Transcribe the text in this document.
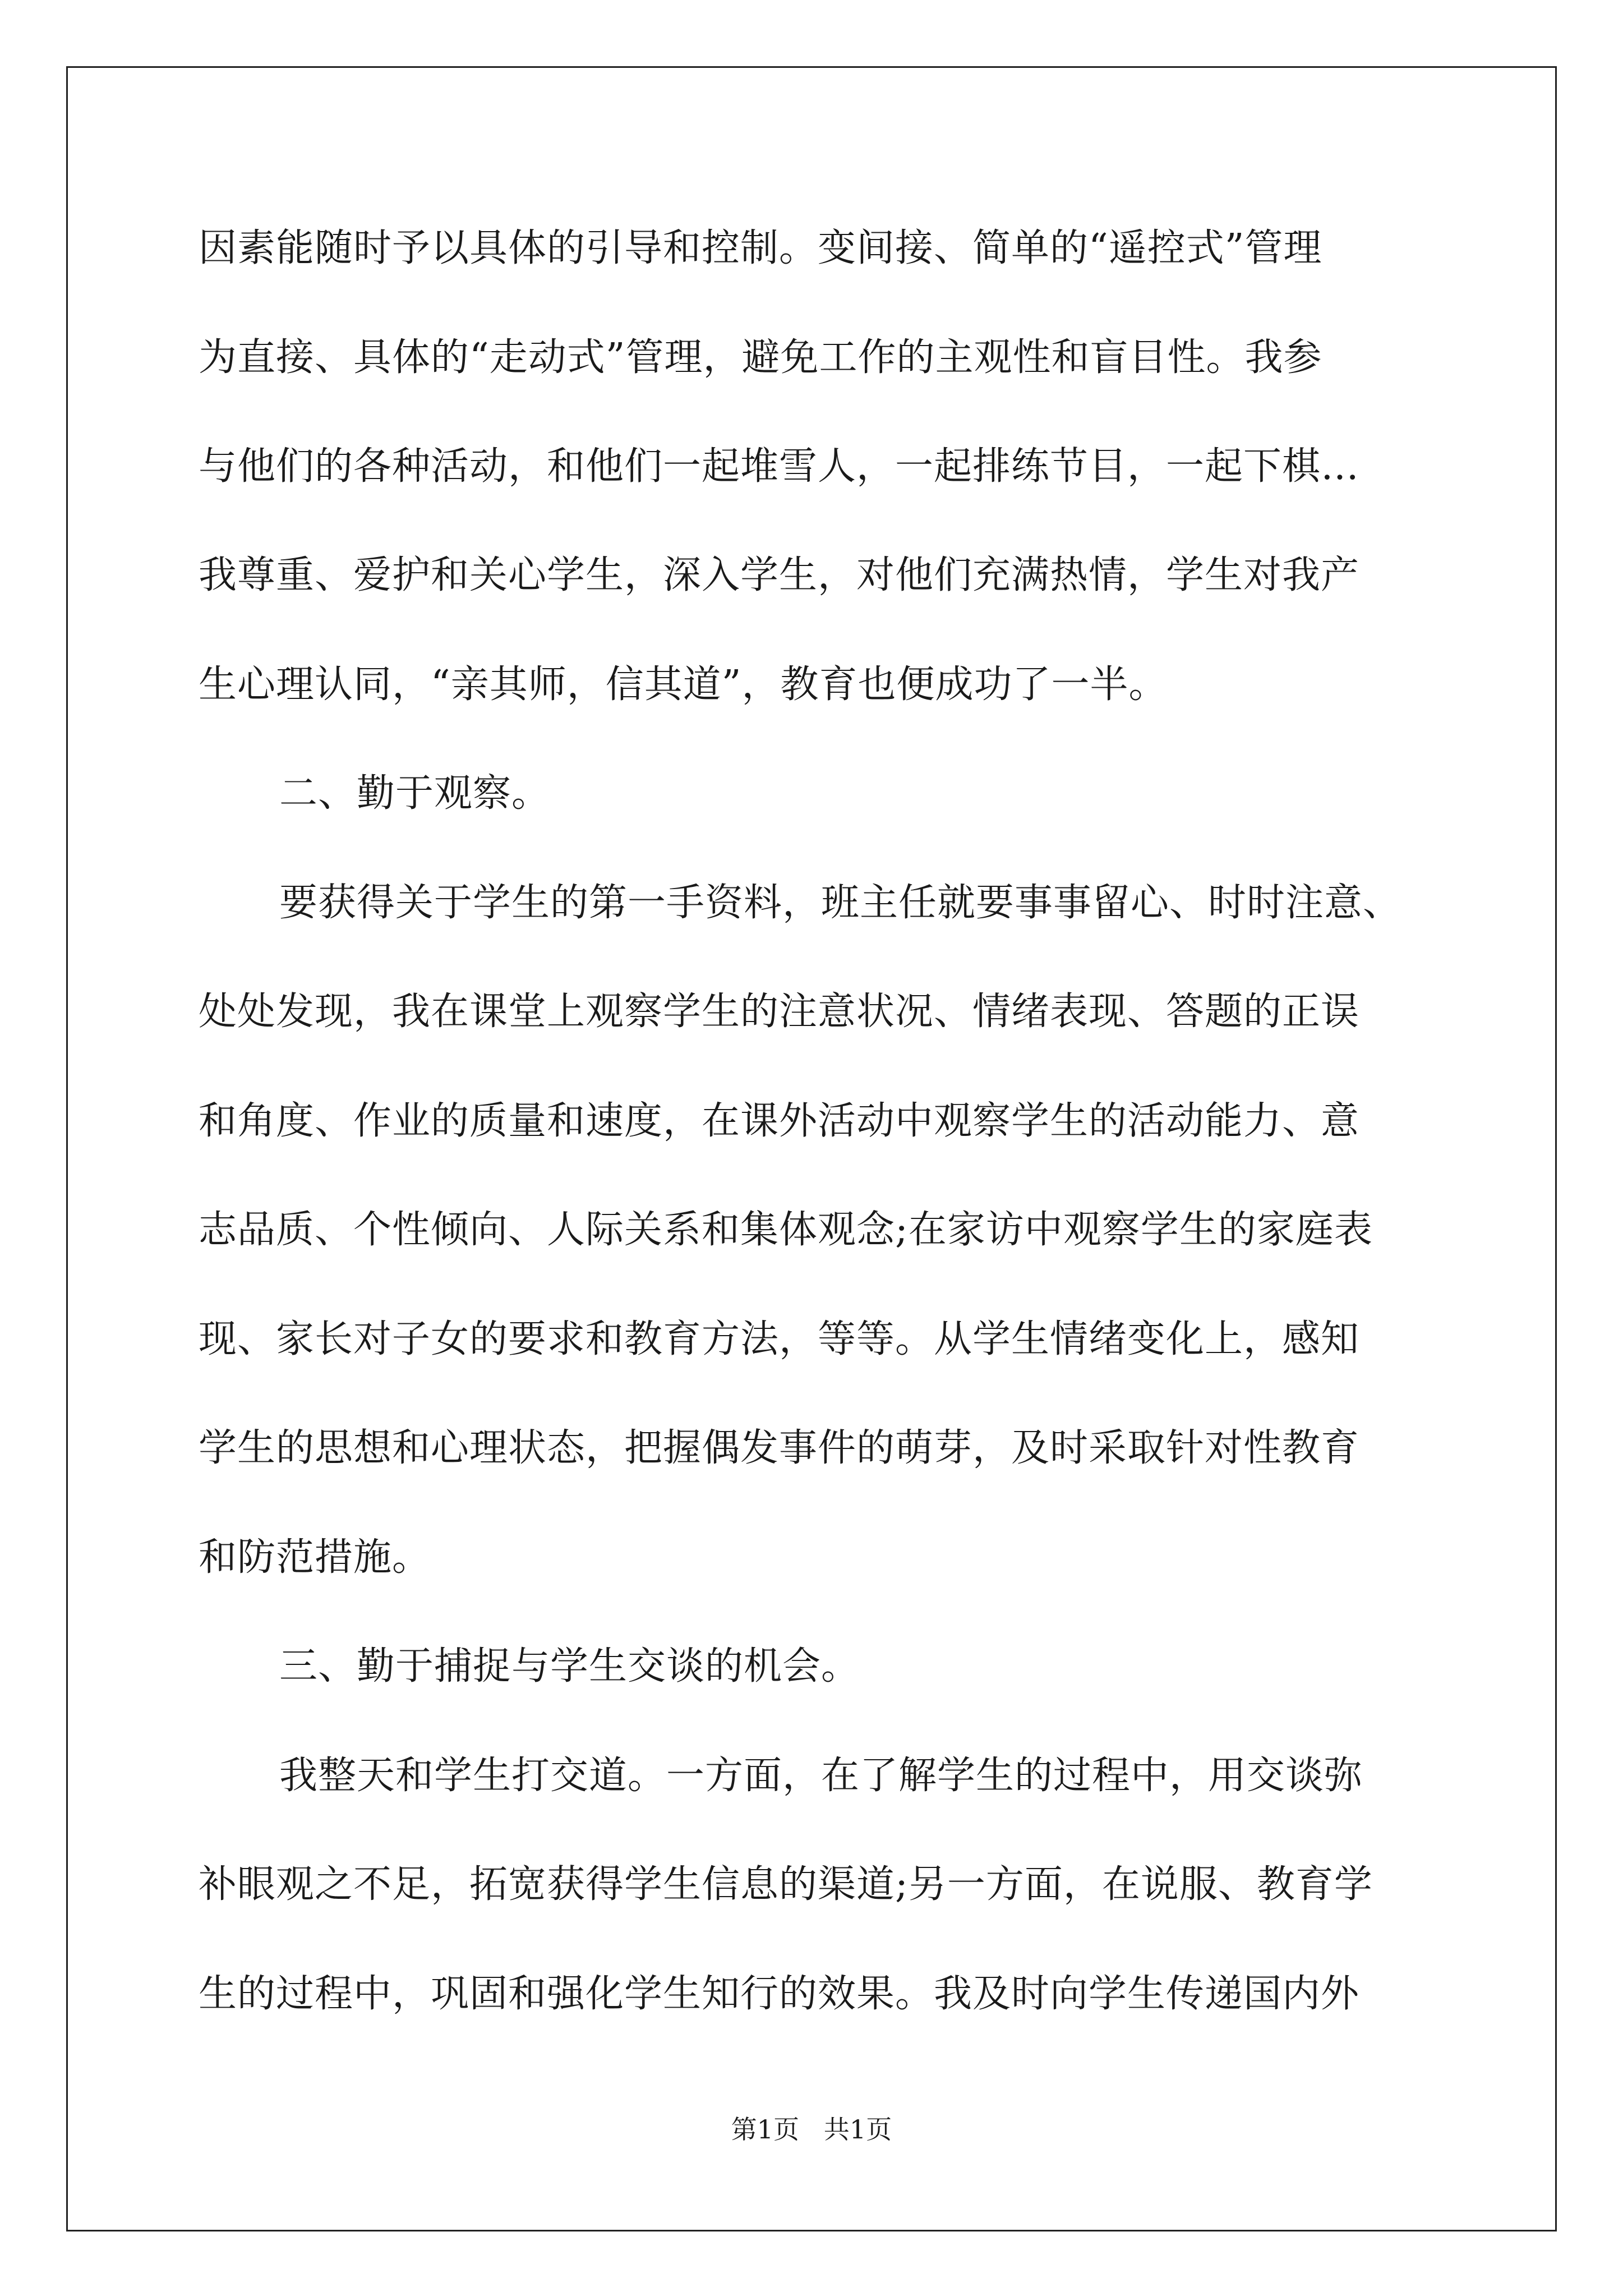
因素能随时予以具体的引导和控制。变间接、简单的“遥控式”管理
为直接、具体的“走动式”管理，避免工作的主观性和盲目性。我参
与他们的各种活动，和他们一起堆雪人，一起排练节目，一起下棋…
我尊重、爱护和关心学生，深入学生，对他们充满热情，学生对我产
生心理认同，“亲其师，信其道”，教育也便成功了一半。
二、勤于观察。
要获得关于学生的第一手资料，班主任就要事事留心、时时注意、
处处发现，我在课堂上观察学生的注意状况、情绪表现、答题的正误
和角度、作业的质量和速度，在课外活动中观察学生的活动能力、意
志品质、个性倾向、人际关系和集体观念;在家访中观察学生的家庭表
现、家长对子女的要求和教育方法，等等。从学生情绪变化上，感知
学生的思想和心理状态，把握偶发事件的萌芽，及时采取针对性教育
和防范措施。
三、勤于捕捉与学生交谈的机会。
我整天和学生打交道。一方面，在了解学生的过程中，用交谈弥
补眼观之不足，拓宽获得学生信息的渠道;另一方面，在说服、教育学
生的过程中，巩固和强化学生知行的效果。我及时向学生传递国内外
第1页   共1页
